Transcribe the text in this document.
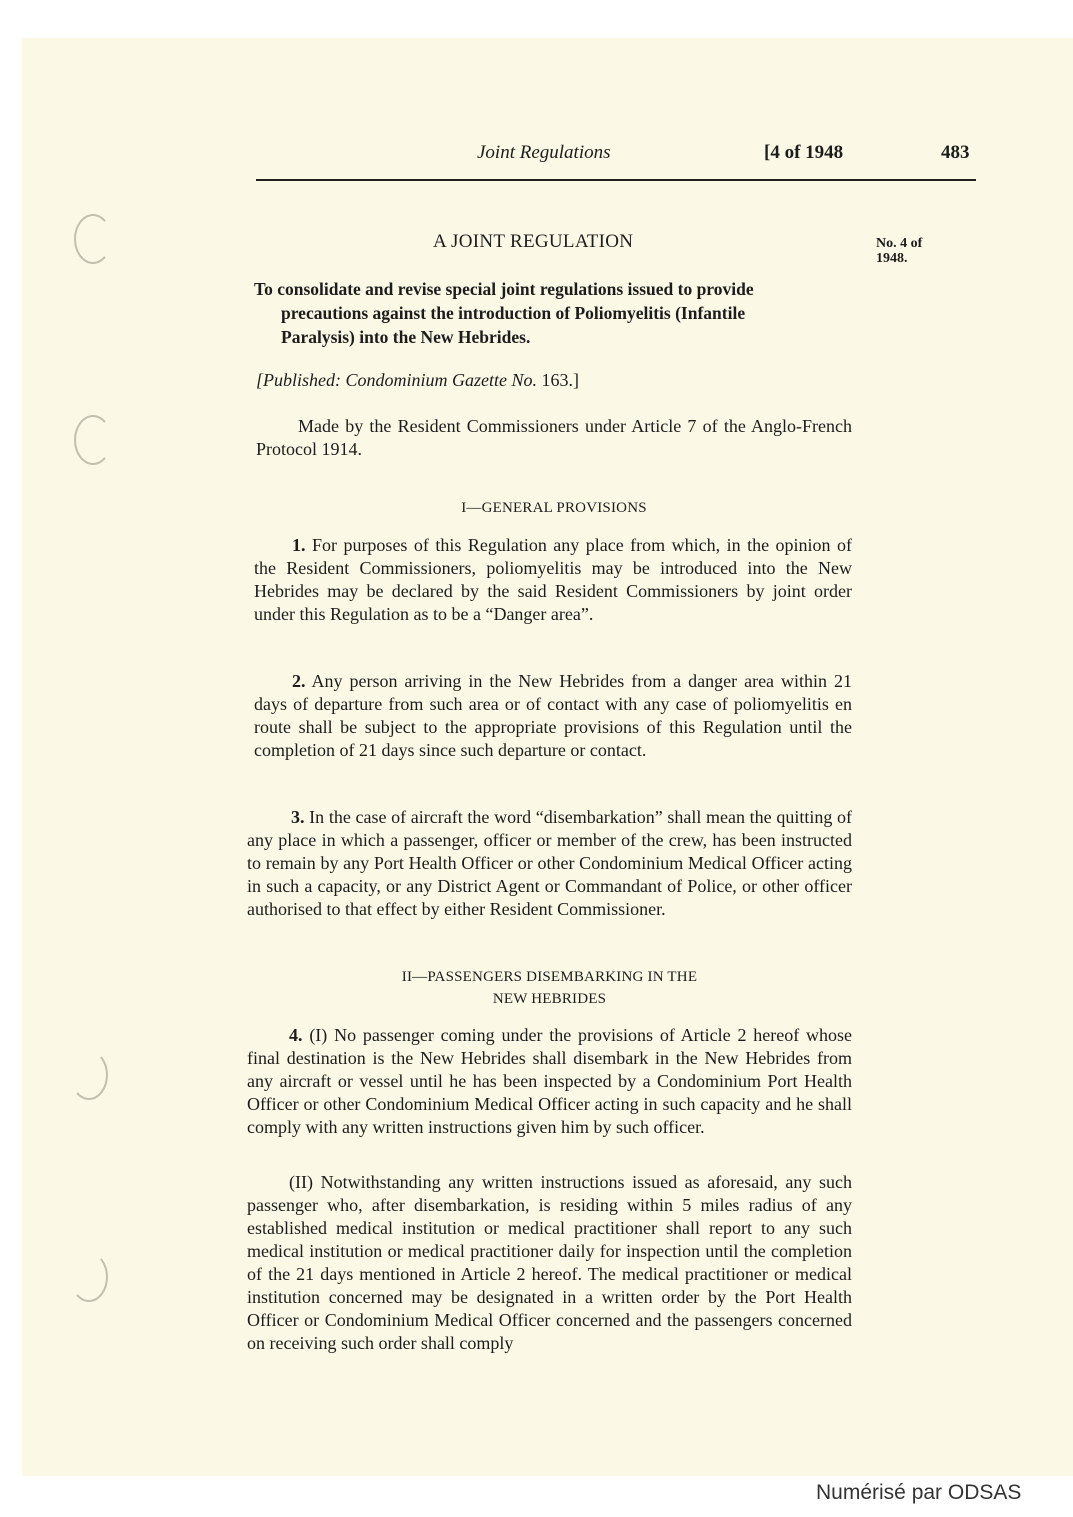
Joint Regulations	[4 of 1948	483
A JOINT REGULATION	No. 4 of
1948.
To consolidate and revise special joint regulations issued to provide
precautions against the introduction of Poliomyelitis (Infantile
Paralysis) into the New Hebrides.
[Published: Condominium Gazette No. 163.]
Made by the Resident Commissioners under Article 7 of the Anglo-French Protocol 1914.
I—GENERAL PROVISIONS
1. For purposes of this Regulation any place from which, in the opinion of the Resident Commissioners, poliomyelitis may be introduced into the New Hebrides may be declared by the said Resident Commissioners by joint order under this Regulation as to be a “Danger area”.
2. Any person arriving in the New Hebrides from a danger area within 21 days of departure from such area or of contact with any case of poliomyelitis en route shall be subject to the appropriate provisions of this Regulation until the completion of 21 days since such departure or contact.
3. In the case of aircraft the word “disembarkation” shall mean the quitting of any place in which a passenger, officer or member of the crew, has been instructed to remain by any Port Health Officer or other Condominium Medical Officer acting in such a capacity, or any District Agent or Commandant of Police, or other officer authorised to that effect by either Resident Commissioner.
II—PASSENGERS DISEMBARKING IN THE
NEW HEBRIDES
4. (I) No passenger coming under the provisions of Article 2 hereof whose final destination is the New Hebrides shall disembark in the New Hebrides from any aircraft or vessel until he has been inspected by a Condominium Port Health Officer or other Condominium Medical Officer acting in such capacity and he shall comply with any written instructions given him by such officer.
(II) Notwithstanding any written instructions issued as aforesaid, any such passenger who, after disembarkation, is residing within 5 miles radius of any established medical institution or medical practitioner shall report to any such medical institution or medical practitioner daily for inspection until the completion of the 21 days mentioned in Article 2 hereof. The medical practitioner or medical institution concerned may be designated in a written order by the Port Health Officer or Condominium Medical Officer concerned and the passengers concerned on receiving such order shall comply
Numérisé par ODSAS
